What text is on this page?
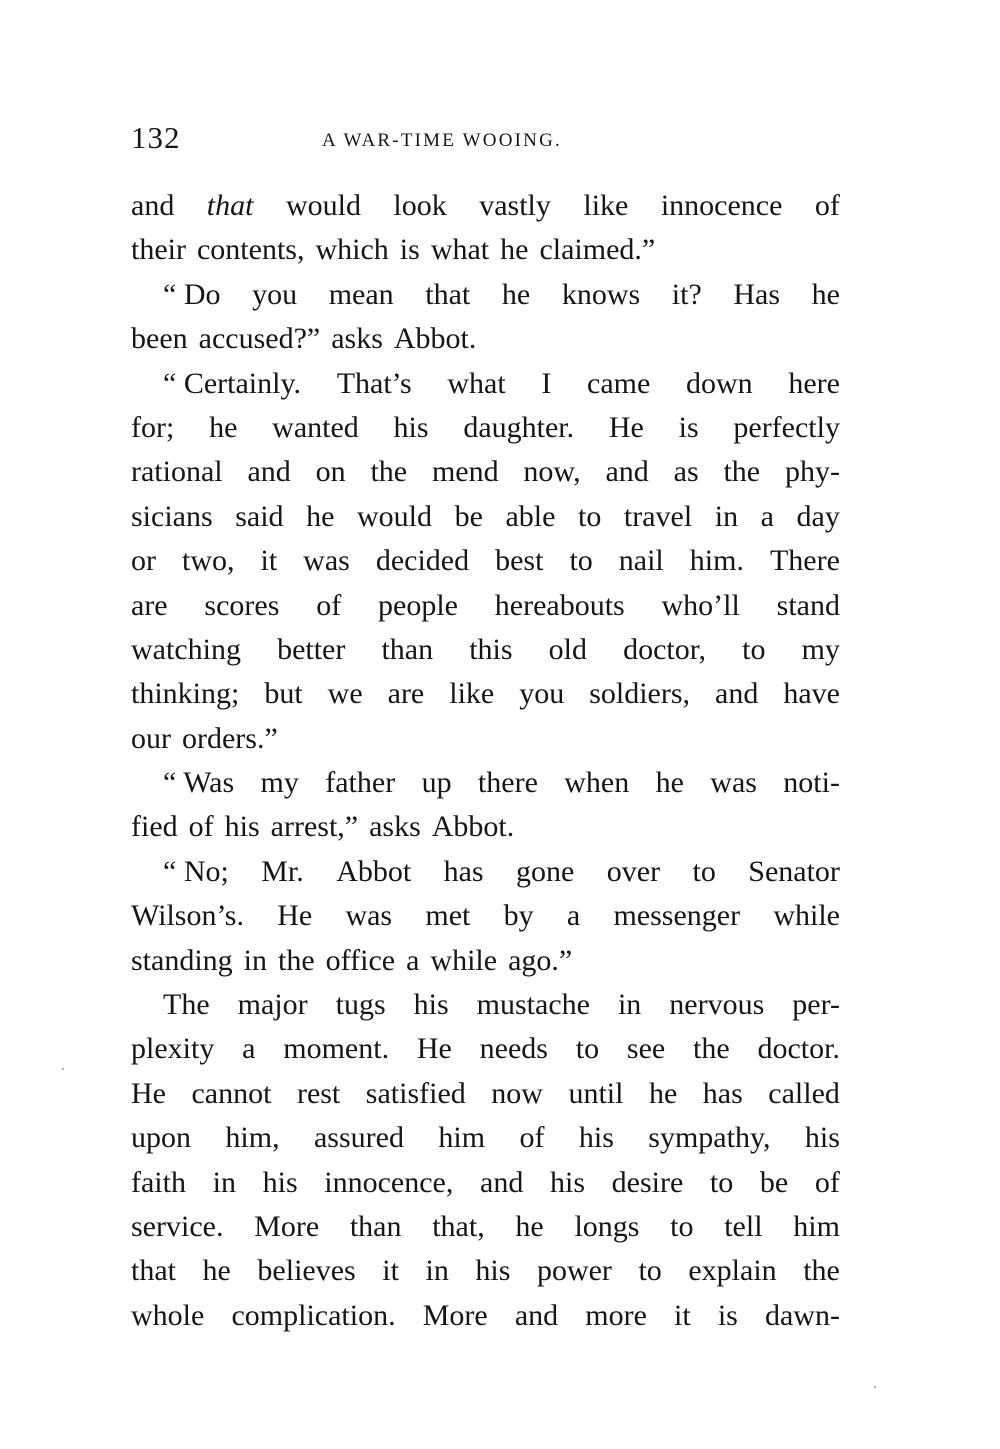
132	A WAR-TIME WOOING.
and that would look vastly like innocence of
their contents, which is what he claimed.”
“ Do you mean that he knows it? Has he
been accused?” asks Abbot.
“ Certainly. That’s what I came down here
for; he wanted his daughter. He is perfectly
rational and on the mend now, and as the phy-
sicians said he would be able to travel in a day
or two, it was decided best to nail him. There
are scores of people hereabouts who’ll stand
watching better than this old doctor, to my
thinking; but we are like you soldiers, and have
our orders.”
“ Was my father up there when he was noti-
fied of his arrest,” asks Abbot.
“ No; Mr. Abbot has gone over to Senator
Wilson’s. He was met by a messenger while
standing in the office a while ago.”
The major tugs his mustache in nervous per-
plexity a moment. He needs to see the doctor.
He cannot rest satisfied now until he has called
upon him, assured him of his sympathy, his
faith in his innocence, and his desire to be of
service. More than that, he longs to tell him
that he believes it in his power to explain the
whole complication. More and more it is dawn-
